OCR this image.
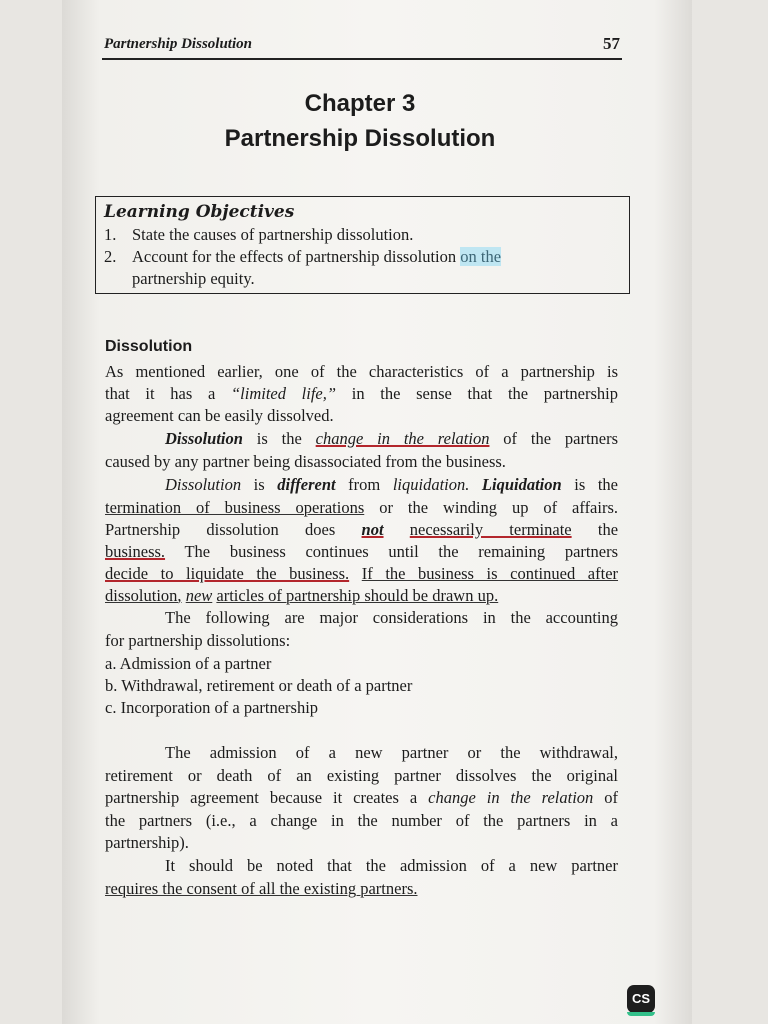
Partnership Dissolution	57
Chapter 3
Partnership Dissolution
Learning Objectives
1. State the causes of partnership dissolution.
2. Account for the effects of partnership dissolution on the
partnership equity.
Dissolution
As mentioned earlier, one of the characteristics of a partnership is
that it has a “limited life,” in the sense that the partnership
agreement can be easily dissolved.
Dissolution is the change in the relation of the partners
caused by any partner being disassociated from the business.
Dissolution is different from liquidation. Liquidation is the
termination of business operations or the winding up of affairs.
Partnership dissolution does not necessarily terminate the
business. The business continues until the remaining partners
decide to liquidate the business. If the business is continued after
dissolution, new articles of partnership should be drawn up.
The following are major considerations in the accounting
for partnership dissolutions:
a. Admission of a partner
b. Withdrawal, retirement or death of a partner
c. Incorporation of a partnership
The admission of a new partner or the withdrawal,
retirement or death of an existing partner dissolves the original
partnership agreement because it creates a change in the relation of
the partners (i.e., a change in the number of the partners in a
partnership).
It should be noted that the admission of a new partner
requires the consent of all the existing partners.
CS
